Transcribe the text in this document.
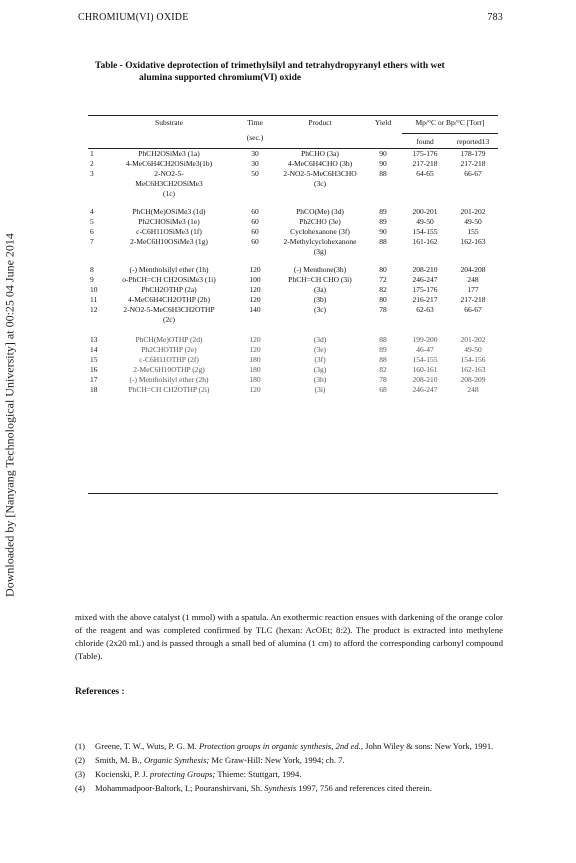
Downloaded by [Nanyang Technological University] at 00:25 04 June 2014
CHROMIUM(VI) OXIDE	783
Table - Oxidative deprotection of trimethylsilyl and tetrahydropyranyl ethers with wet
alumina supported chromium(VI) oxide
Substrate	Time	Product	Yield	Mp/°C or Bp/°C [Torr]
(sec.)	found	reported13
1	PhCH2OSiMe3 (1a)	30	PhCHO (3a)	90	175-176	178-179
2	4-MeC6H4CH2OSiMe3(1b)	30	4-MeC6H4CHO (3b)	90	217-218	217-218
3	2-NO2-5-	50	2-NO2-5-MeC6H3CHO	88	64-65	66-67
MeC6H3CH2OSiMe3	(3c)
(1c)
4	PhCH(Me)OSiMe3 (1d)	60	PhCO(Me) (3d)	89	200-201	201-202
5	Ph2CHOSiMe3 (1e)	60	Ph2CHO (3e)	89	49-50	49-50
6	c-C6H11OSiMe3 (1f)	60	Cyclohexanone (3f)	90	154-155	155
7	2-MeC6H10OSiMe3 (1g)	60	2-Methylcyclohexanone	88	161-162	162-163
(3g)
8	(-) Mentholsilyl ether (1h)	120	(-) Menthone(3h)	80	208-210	204-208
9	o-PhCH=CH CH2OSiMe3 (1i)	100	PhCH=CH CHO (3i)	72	246-247	248
10	PhCH2OTHP (2a)	120	(3a)	82	175-176	177
11	4-MeC6H4CH2OTHP (2b)	120	(3b)	80	216-217	217-218
12	2-NO2-5-MeC6H3CH2OTHP	140	(3c)	78	62-63	66-67
(2c)
13	PhCH(Me)OTHP (2d)	120	(3d)	88	199-200	201-202
14	Ph2CHOTHP (2e)	120	(3e)	89	46-47	49-50
15	c-C6H11OTHP (2f)	180	(3f)	88	154-155	154-156
16	2-MeC6H10OTHP (2g)	180	(3g)	82	160-161	162-163
17	(-) Mentholsilyl ether (2h)	180	(3h)	78	208-210	208-209
18	PhCH=CH CH2OTHP (2i)	120	(3i)	68	246-247	248
mixed with the above catalyst (1 mmol) with a spatula. An exothermic reaction ensues with darkening of the orange color of the reagent and was completed confirmed by TLC (hexan: AcOEt; 8:2). The product is extracted into methylene chloride (2x20 mL) and is passed through a small bed of alumina (1 cm) to afford the corresponding carbonyl compound (Table).
References :
(1)	Greene, T. W., Wuts, P. G. M. Protection groups in organic synthesis, 2nd ed., John Wiley & sons: New York, 1991.
(2)	Smith, M. B., Organic Synthesis; Mc Graw-Hill: New York, 1994; ch. 7.
(3)	Kocienski, P. J. protecting Groups; Thieme: Stuttgart, 1994.
(4)	Mohammadpoor-Baltork, I.; Pouranshirvani, Sh. Synthesis 1997, 756 and references cited therein.
